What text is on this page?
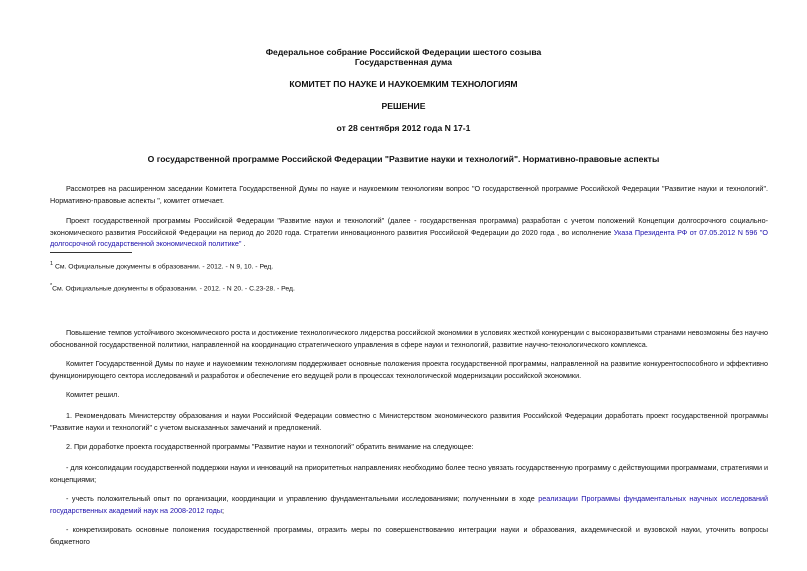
Федеральное собрание Российской Федерации шестого созыва
Государственная дума
КОМИТЕТ ПО НАУКЕ И НАУКОЕМКИМ ТЕХНОЛОГИЯМ
РЕШЕНИЕ
от 28 сентября 2012 года N 17-1
О государственной программе Российской Федерации "Развитие науки и технологий". Нормативно-правовые аспекты
Рассмотрев на расширенном заседании Комитета Государственной Думы по науке и наукоемким технологиям вопрос "О государственной программе Российской Федерации "Развитие науки и технологий". Нормативно-правовые аспекты ", комитет отмечает.
Проект государственной программы Российской Федерации "Развитие науки и технологий" (далее - государственная программа) разработан с учетом положений Концепции долгосрочного социально-экономического развития Российской Федерации на период до 2020 года. Стратегии инновационного развития Российской Федерации до 2020 года , во исполнение Указа Президента РФ от 07.05.2012 N 596 "О долгосрочной государственной экономической политике" .
$^1$ См. Официальные документы в образовании. - 2012. - N 9, 10. - Ред.
*См. Официальные документы в образовании. - 2012. - N 20. - С.23-28. - Ред.
Повышение темпов устойчивого экономического роста и достижение технологического лидерства российской экономики в условиях жесткой конкуренции с высокоразвитыми странами невозможны без научно обоснованной государственной политики, направленной на координацию стратегического управления в сфере науки и технологий, развитие научно-технологического комплекса.
Комитет Государственной Думы по науке и наукоемким технологиям поддерживает основные положения проекта государственной программы, направленной на развитие конкурентоспособного и эффективно функционирующего сектора исследований и разработок и обеспечение его ведущей роли в процессах технологической модернизации российской экономики.
Комитет решил.
1. Рекомендовать Министерству образования и науки Российской Федерации совместно с Министерством экономического развития Российской Федерации доработать проект государственной программы "Развитие науки и технологий" с учетом высказанных замечаний и предложений.
2. При доработке проекта государственной программы "Развитие науки и технологий" обратить внимание на следующее:
- для консолидации государственной поддержки науки и инноваций на приоритетных направлениях необходимо более тесно увязать государственную программу с действующими программами, стратегиями и концепциями;
- учесть положительный опыт по организации, координации и управлению фундаментальными исследованиями; полученными в ходе реализации Программы фундаментальных научных исследований государственных академий наук на 2008-2012 годы;
- конкретизировать основные положения государственной программы, отразить меры по совершенствованию интеграции науки и образования, академической и вузовской науки, уточнить вопросы бюджетного
